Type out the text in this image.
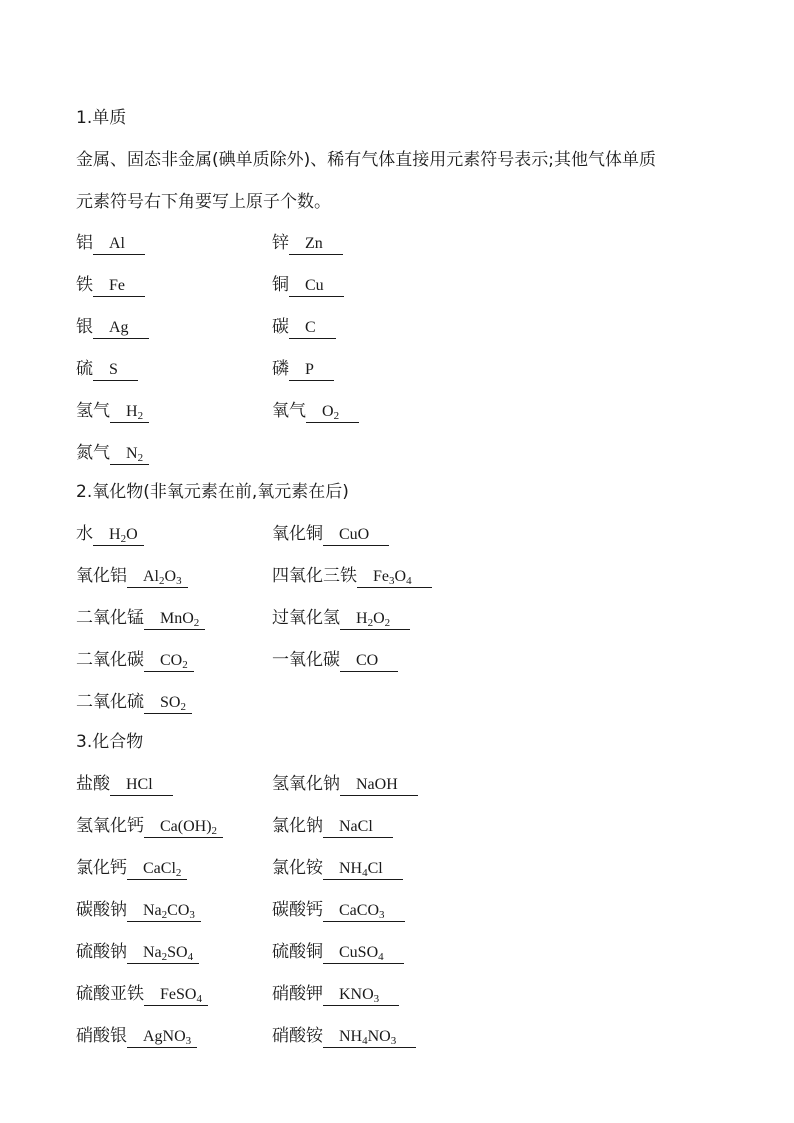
1.单质
金属、固态非金属(碘单质除外)、稀有气体直接用元素符号表示;其他气体单质
元素符号右下角要写上原子个数。
铝 Al	锌 Zn
铁 Fe	铜 Cu
银 Ag	碳 C
硫 S	磷 P
氢气 $H_2$	氧气 $O_2$
氮气 $N_2$
2.氧化物(非氧元素在前,氧元素在后)
水 $H_2O$	氧化铜 CuO
氧化铝 $Al_2O_3$	四氧化三铁 $Fe_3O_4$
二氧化锰 MnO$_2$	过氧化氢 $H_2O_2$
二氧化碳 $CO_2$	一氧化碳 CO
二氧化硫 $SO_2$
3.化合物
盐酸 HCl	氢氧化钠 NaOH
氢氧化钙 $Ca(OH)_2$	氯化钠 NaCl
氯化钙 CaCl$_2$	氯化铵 $NH_4Cl$
碳酸钠 $Na_2CO_3$	碳酸钙 CaCO$_3$
硫酸钠 $Na_2SO_4$	硫酸铜 CuSO$_4$
硫酸亚铁 FeSO$_4$	硝酸钾 $KNO_3$
硝酸银 AgNO$_3$	硝酸铵 $NH_4NO_3$
